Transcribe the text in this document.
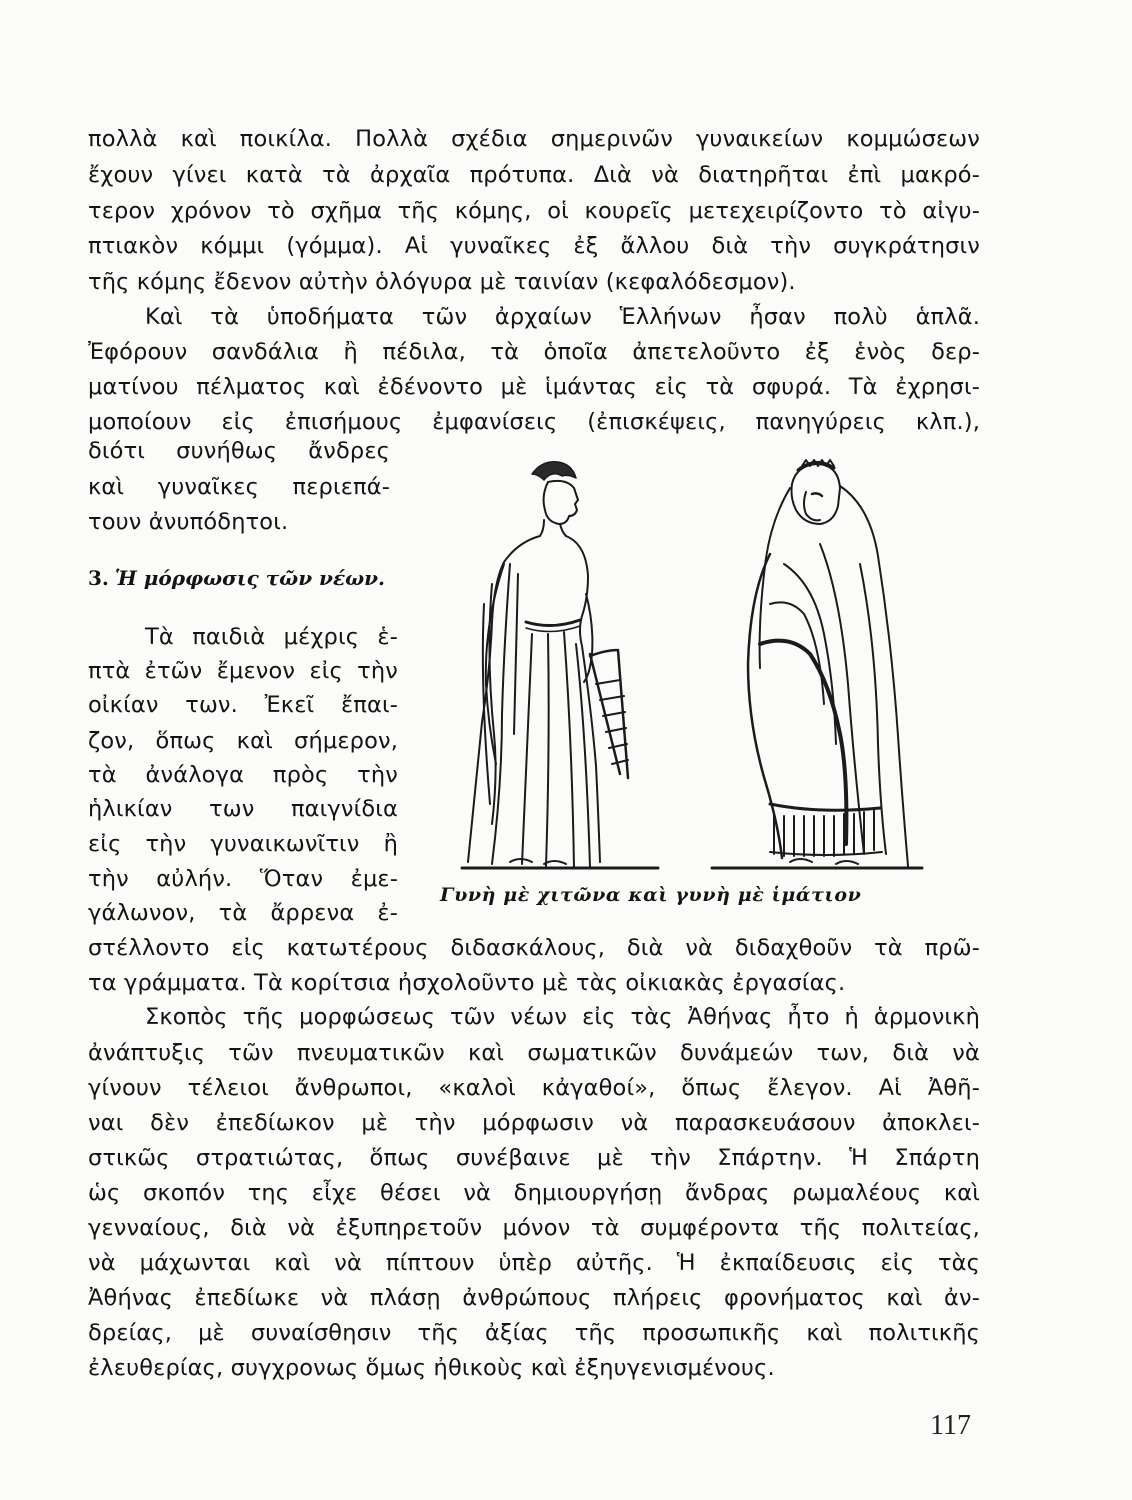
πολλὰ καὶ ποικίλα. Πολλὰ σχέδια σημερινῶν γυναικείων κομμώσεων
ἔχουν γίνει κατὰ τὰ ἀρχαῖα πρότυπα. Διὰ νὰ διατηρῆται ἐπὶ μακρό-
τερον χρόνον τὸ σχῆμα τῆς κόμης, οἱ κουρεῖς μετεχειρίζοντο τὸ αἰγυ-
πτιακὸν κόμμι (γόμμα). Αἱ γυναῖκες ἐξ ἄλλου διὰ τὴν συγκράτησιν
τῆς κόμης ἔδενον αὐτὴν ὁλόγυρα μὲ ταινίαν (κεφαλόδεσμον).
Καὶ τὰ ὑποδήματα τῶν ἀρχαίων Ἑλλήνων ἦσαν πολὺ ἁπλᾶ.
Ἐφόρουν σανδάλια ἢ πέδιλα, τὰ ὁποῖα ἀπετελοῦντο ἐξ ἑνὸς δερ-
ματίνου πέλματος καὶ ἐδένοντο μὲ ἱμάντας εἰς τὰ σφυρά. Τὰ ἐχρησι-
μοποίουν εἰς ἐπισήμους ἐμφανίσεις (ἐπισκέψεις, πανηγύρεις κλπ.),
διότι συνήθως ἄνδρες
καὶ γυναῖκες περιεπά-
τουν ἀνυπόδητοι.
3. Ἡ μόρφωσις τῶν νέων.
Τὰ παιδιὰ μέχρις ἑ-
πτὰ ἐτῶν ἔμενον εἰς τὴν
οἰκίαν των. Ἐκεῖ ἔπαι-
ζον, ὅπως καὶ σήμερον,
τὰ ἀνάλογα πρὸς τὴν
ἡλικίαν των παιγνίδια
εἰς τὴν γυναικωνῖτιν ἢ
τὴν αὐλήν. Ὅταν ἐμε-
γάλωνον, τὰ ἄρρενα ἐ-
Γυνὴ μὲ χιτῶνα καὶ γυνὴ μὲ ἱμάτιον
στέλλοντο εἰς κατωτέρους διδασκάλους, διὰ νὰ διδαχθοῦν τὰ πρῶ-
τα γράμματα. Τὰ κορίτσια ἠσχολοῦντο μὲ τὰς οἰκιακὰς ἐργασίας.
Σκοπὸς τῆς μορφώσεως τῶν νέων εἰς τὰς Ἀθήνας ἦτο ἡ ἁρμονικὴ
ἀνάπτυξις τῶν πνευματικῶν καὶ σωματικῶν δυνάμεών των, διὰ νὰ
γίνουν τέλειοι ἄνθρωποι, «καλοὶ κἀγαθοί», ὅπως ἔλεγον. Αἱ Ἀθῆ-
ναι δὲν ἐπεδίωκον μὲ τὴν μόρφωσιν νὰ παρασκευάσουν ἀποκλει-
στικῶς στρατιώτας, ὅπως συνέβαινε μὲ τὴν Σπάρτην. Ἡ Σπάρτη
ὡς σκοπόν της εἶχε θέσει νὰ δημιουργήσῃ ἄνδρας ρωμαλέους καὶ
γενναίους, διὰ νὰ ἐξυπηρετοῦν μόνον τὰ συμφέροντα τῆς πολιτείας,
νὰ μάχωνται καὶ νὰ πίπτουν ὑπὲρ αὐτῆς. Ἡ ἐκπαίδευσις εἰς τὰς
Ἀθήνας ἐπεδίωκε νὰ πλάσῃ ἀνθρώπους πλήρεις φρονήματος καὶ ἀν-
δρείας, μὲ συναίσθησιν τῆς ἀξίας τῆς προσωπικῆς καὶ πολιτικῆς
ἐλευθερίας, συγχρονως ὅμως ἠθικοὺς καὶ ἐξηυγενισμένους.
117
